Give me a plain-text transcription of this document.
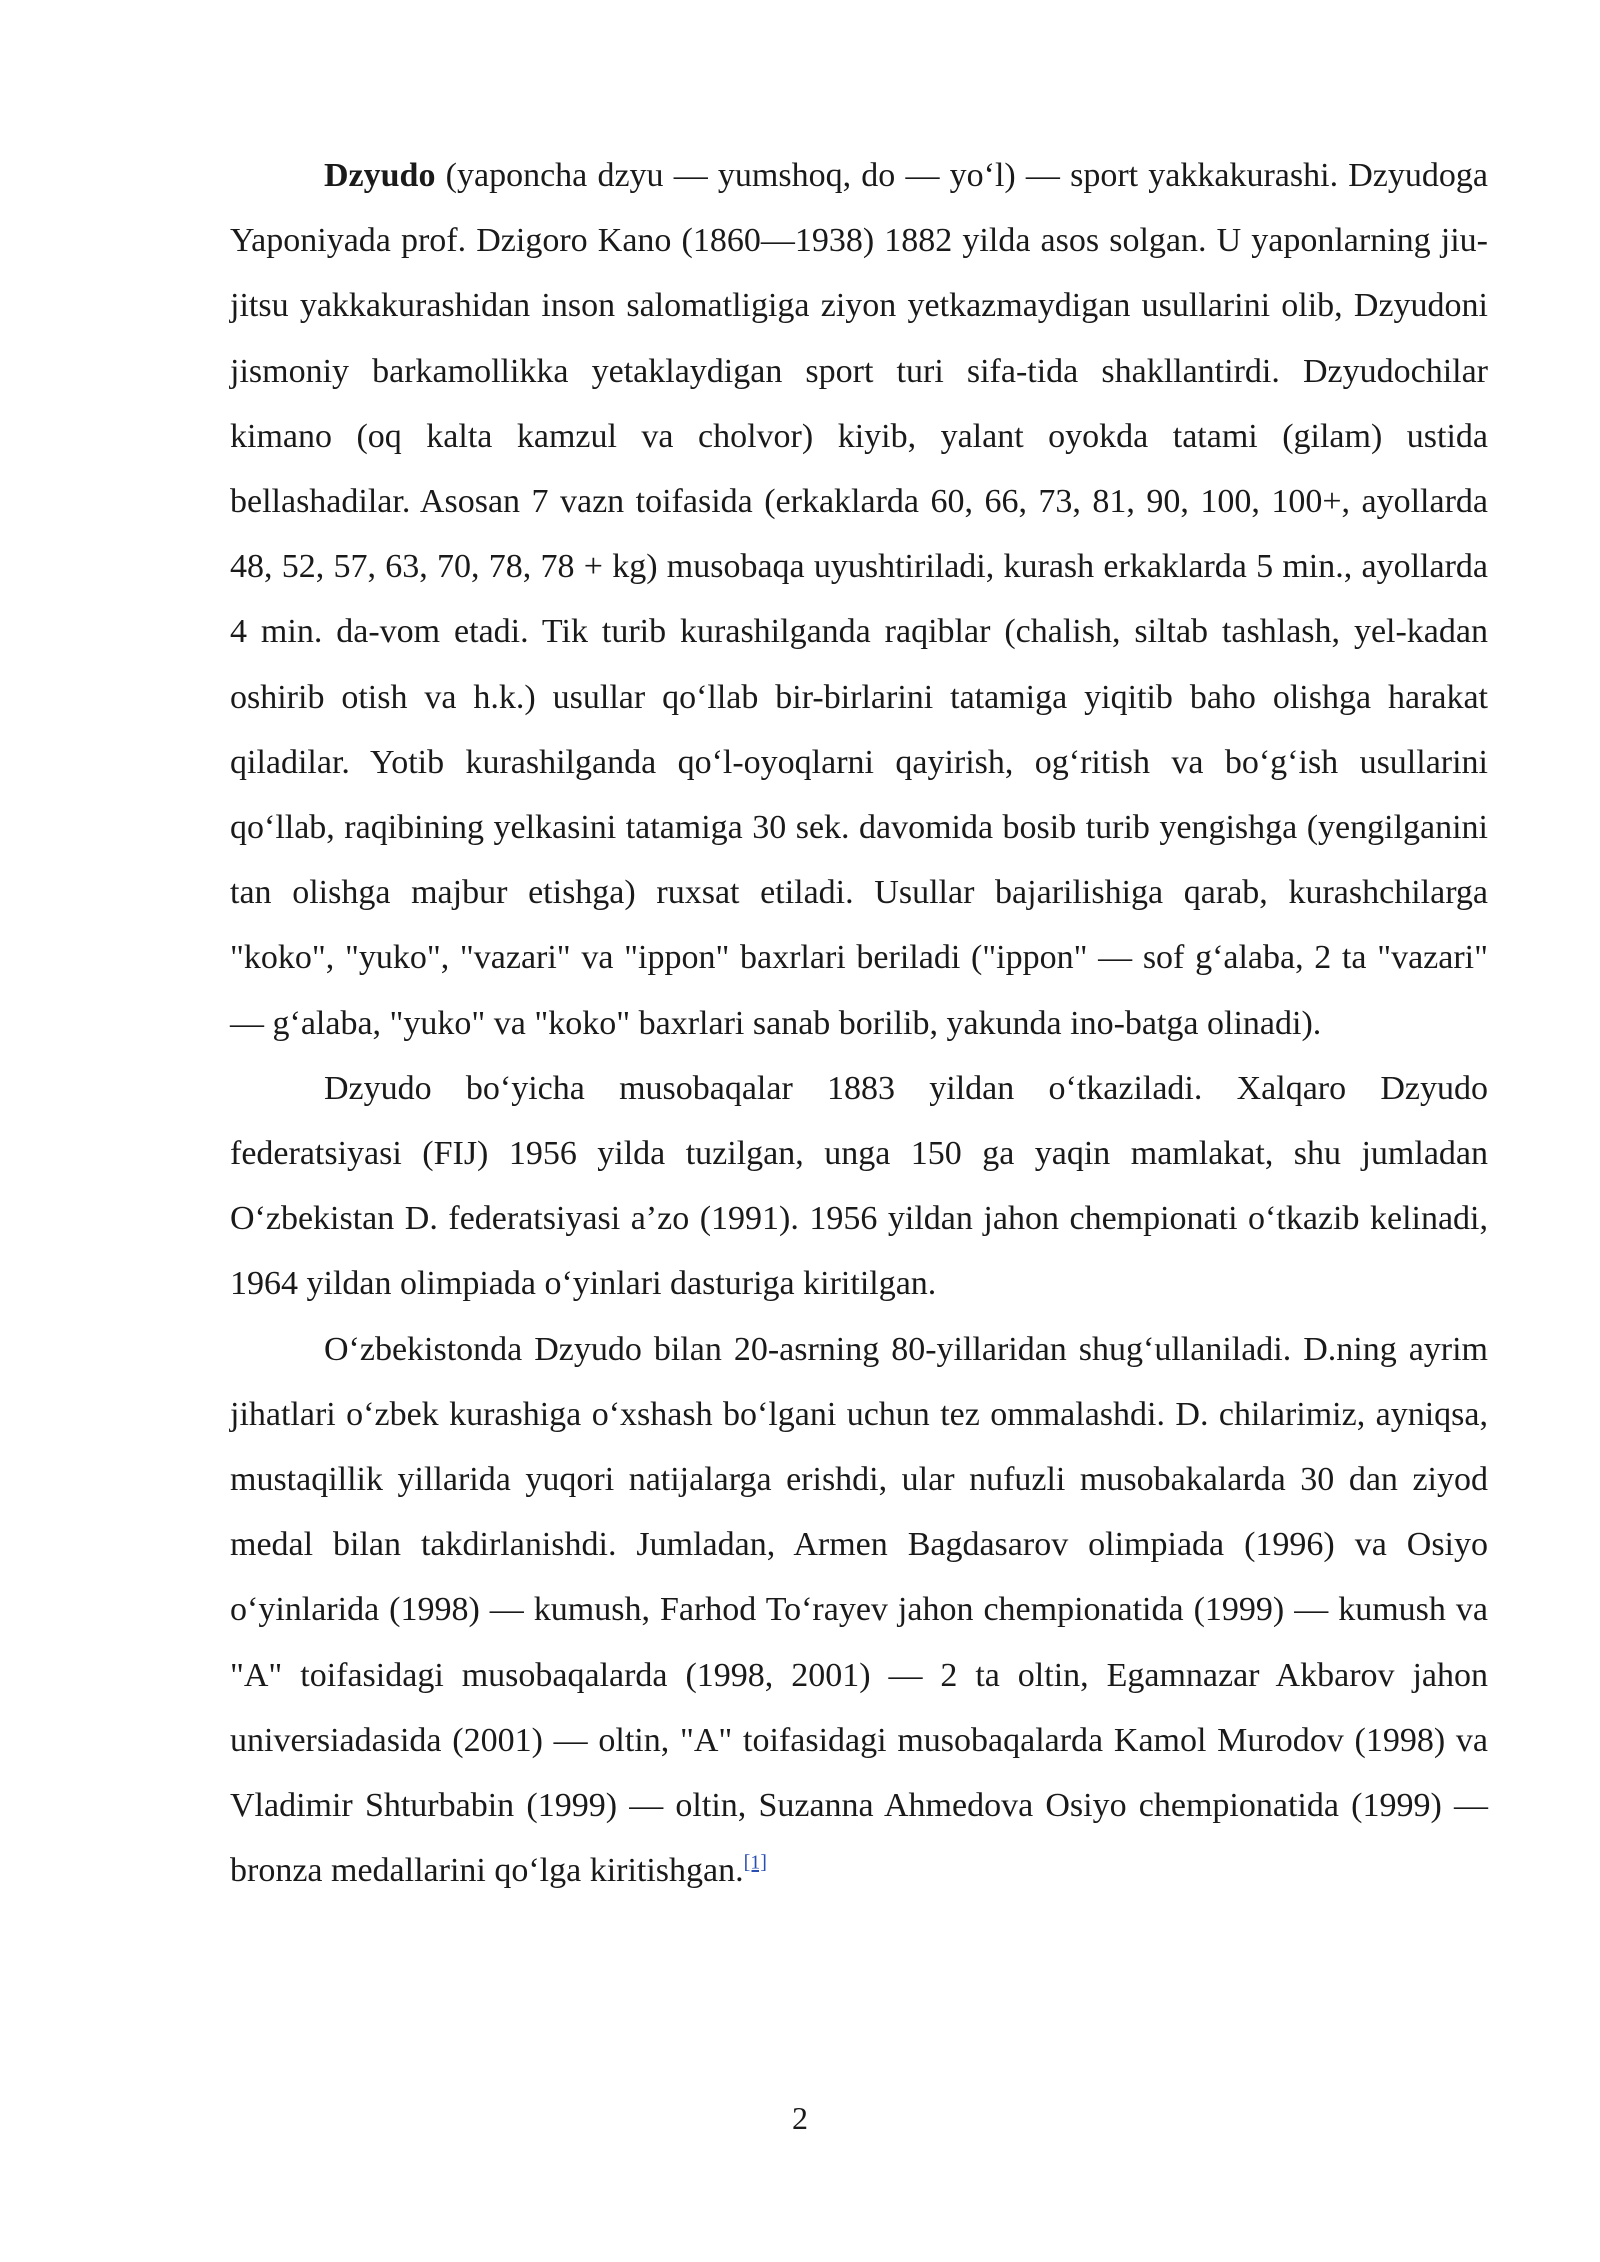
Dzyudo (yaponcha dzyu — yumshoq, do — yo‘l) — sport yakkakurashi. Dzyudoga Yaponiyada prof. Dzigoro Kano (1860—1938) 1882 yilda asos solgan. U yaponlarning jiu-jitsu yakkakurashidan inson salomatligiga ziyon yetkazmaydigan usullarini olib, Dzyudoni jismoniy barkamollikka yetaklaydigan sport turi sifa-tida shakllantirdi. Dzyudochilar kimano (oq kalta kamzul va cholvor) kiyib, yalant oyokda tatami (gilam) ustida bellashadilar. Asosan 7 vazn toifasida (erkaklarda 60, 66, 73, 81, 90, 100, 100+, ayollarda 48, 52, 57, 63, 70, 78, 78 + kg) musobaqa uyushtiriladi, kurash erkaklarda 5 min., ayollarda 4 min. da-vom etadi. Tik turib kurashilganda raqiblar (chalish, siltab tashlash, yel-kadan oshirib otish va h.k.) usullar qo‘llab bir-birlarini tatamiga yiqitib baho olishga harakat qiladilar. Yotib kurashilganda qo‘l-oyoqlarni qayirish, og‘ritish va bo‘g‘ish usullarini qo‘llab, raqibining yelkasini tatamiga 30 sek. davomida bosib turib yengishga (yengilganini tan olishga majbur etishga) ruxsat etiladi. Usullar bajarilishiga qarab, kurashchilarga "koko", "yuko", "vazari" va "ippon" baxrlari beriladi ("ippon" — sof g‘alaba, 2 ta "vazari" — g‘alaba, "yuko" va "koko" baxrlari sanab borilib, yakunda ino-batga olinadi).

Dzyudo bo‘yicha musobaqalar 1883 yildan o‘tkaziladi. Xalqaro Dzyudo federatsiyasi (FIJ) 1956 yilda tuzilgan, unga 150 ga yaqin mamlakat, shu jumladan O‘zbekistan D. federatsiyasi a’zo (1991). 1956 yildan jahon chempionati o‘tkazib kelinadi, 1964 yildan olimpiada o‘yinlari dasturiga kiritilgan.

O‘zbekistonda Dzyudo bilan 20-asrning 80-yillaridan shug‘ullaniladi. D.ning ayrim jihatlari o‘zbek kurashiga o‘xshash bo‘lgani uchun tez ommalashdi. D. chilarimiz, ayniqsa, mustaqillik yillarida yuqori natijalarga erishdi, ular nufuzli musobakalarda 30 dan ziyod medal bilan takdirlanishdi. Jumladan, Armen Bagdasarov olimpiada (1996) va Osiyo o‘yinlarida (1998) — kumush, Farhod To‘rayev jahon chempionatida (1999) — kumush va "A" toifasidagi musobaqalarda (1998, 2001) — 2 ta oltin, Egamnazar Akbarov jahon universiadasida (2001) — oltin, "A" toifasidagi musobaqalarda Kamol Murodov (1998) va Vladimir Shturbabin (1999) — oltin, Suzanna Ahmedova Osiyo chempionatida (1999) — bronza medallarini qo‘lga kiritishgan.[1]

2
